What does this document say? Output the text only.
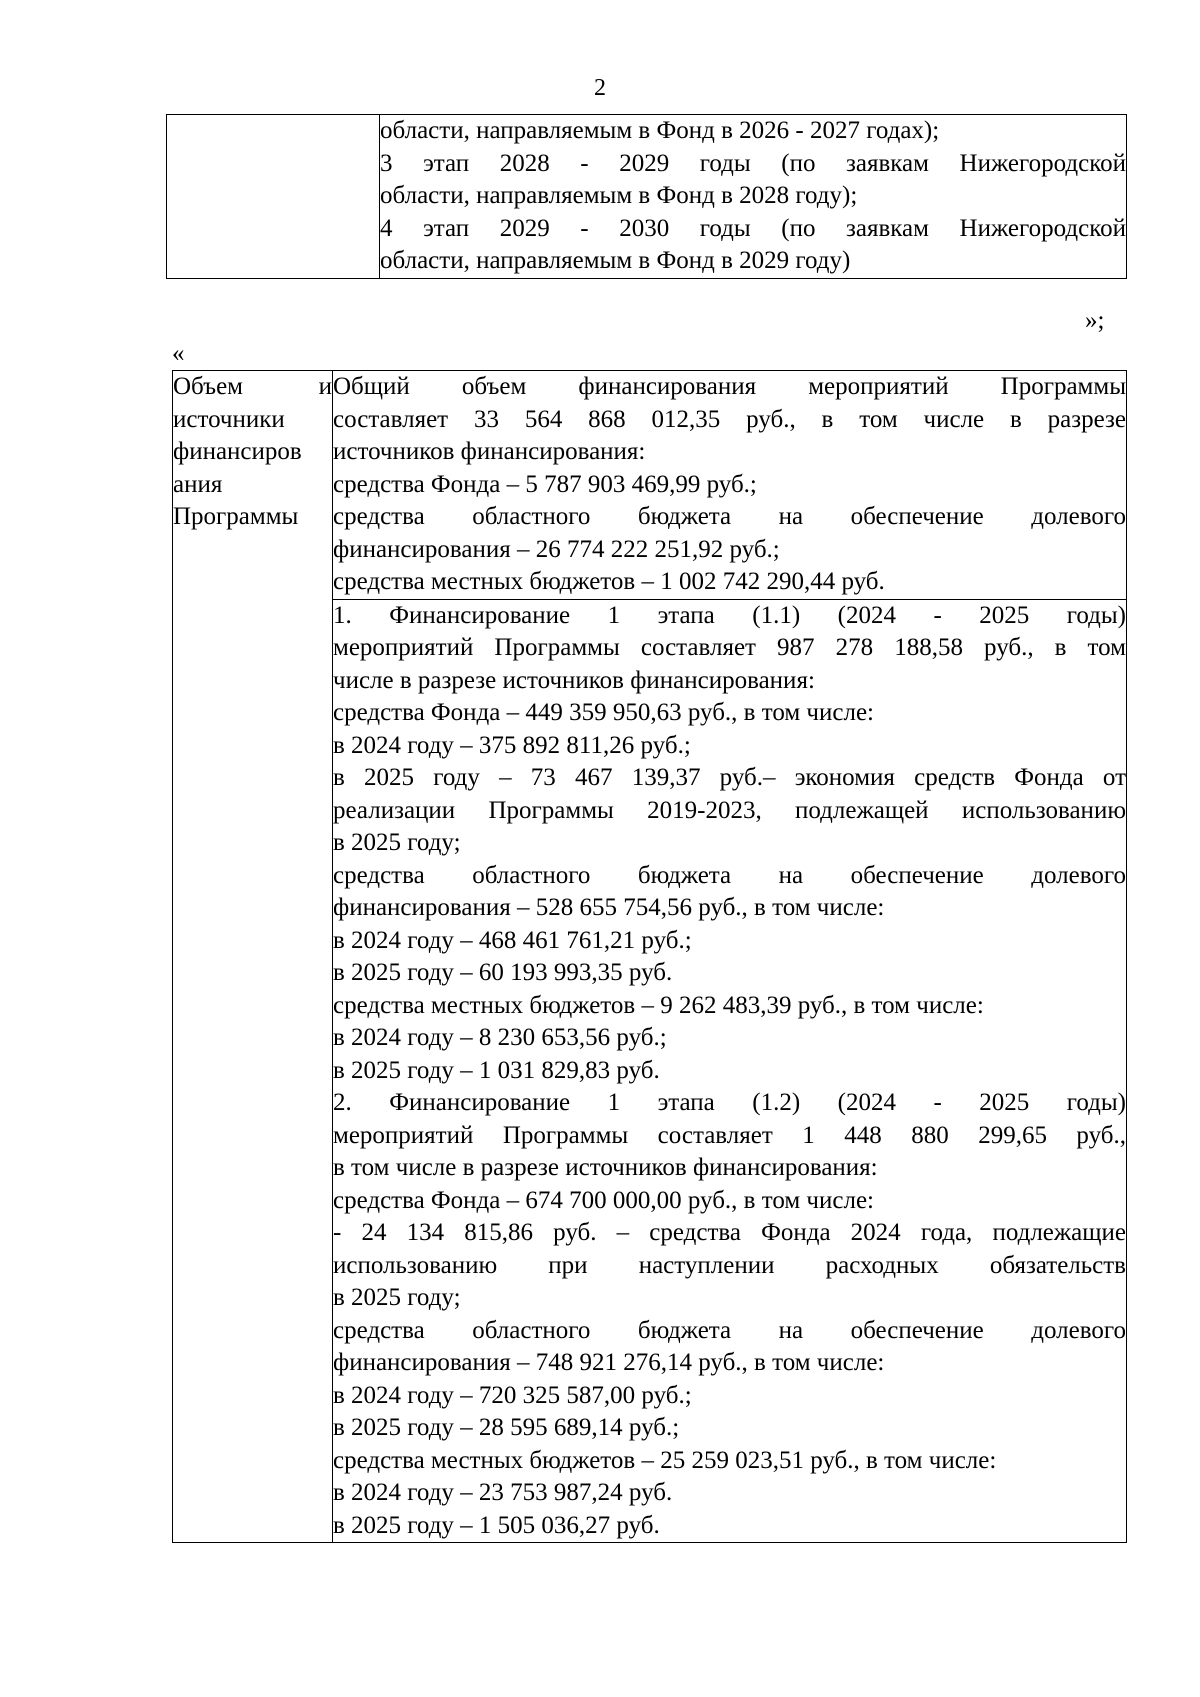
2

области, направляемым в Фонд в 2026 - 2027 годах);
3 этап 2028 - 2029 годы (по заявкам Нижегородской
области, направляемым в Фонд в 2028 году);
4 этап 2029 - 2030 годы (по заявкам Нижегородской
области, направляемым в Фонд в 2029 году)
»;
«
Объем и
источники
финансиров
ания
Программы

Общий объем финансирования мероприятий Программы
составляет 33 564 868 012,35 руб., в том числе в разрезе
источников финансирования:
средства Фонда – 5 787 903 469,99 руб.;
средства областного бюджета на обеспечение долевого
финансирования – 26 774 222 251,92 руб.;
средства местных бюджетов – 1 002 742 290,44 руб.

1. Финансирование 1 этапа (1.1) (2024 - 2025 годы)
мероприятий Программы составляет 987 278 188,58 руб., в том
числе в разрезе источников финансирования:
средства Фонда – 449 359 950,63 руб., в том числе:
в 2024 году – 375 892 811,26 руб.;
в 2025 году – 73 467 139,37 руб.– экономия средств Фонда от
реализации Программы 2019-2023, подлежащей использованию
в 2025 году;
средства областного бюджета на обеспечение долевого
финансирования – 528 655 754,56 руб., в том числе:
в 2024 году – 468 461 761,21 руб.;
в 2025 году – 60 193 993,35 руб.
средства местных бюджетов – 9 262 483,39 руб., в том числе:
в 2024 году – 8 230 653,56 руб.;
в 2025 году – 1 031 829,83 руб.
2. Финансирование 1 этапа (1.2) (2024 - 2025 годы)
мероприятий Программы составляет 1 448 880 299,65 руб.,
в том числе в разрезе источников финансирования:
средства Фонда – 674 700 000,00 руб., в том числе:
- 24 134 815,86 руб. – средства Фонда 2024 года, подлежащие
использованию при наступлении расходных обязательств
в 2025 году;
средства областного бюджета на обеспечение долевого
финансирования – 748 921 276,14 руб., в том числе:
в 2024 году – 720 325 587,00 руб.;
в 2025 году – 28 595 689,14 руб.;
средства местных бюджетов – 25 259 023,51 руб., в том числе:
в 2024 году – 23 753 987,24 руб.
в 2025 году – 1 505 036,27 руб.
